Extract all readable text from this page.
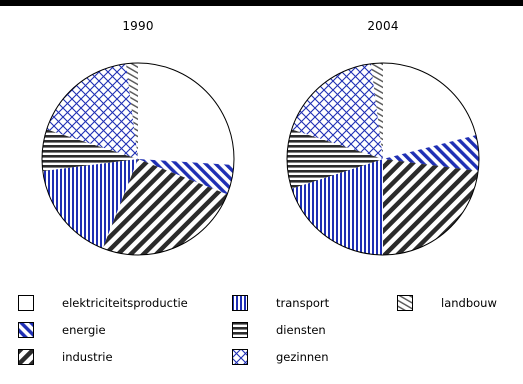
1990	2004
elektriciteitsproductie
energie
industrie
transport
diensten
gezinnen
landbouw
